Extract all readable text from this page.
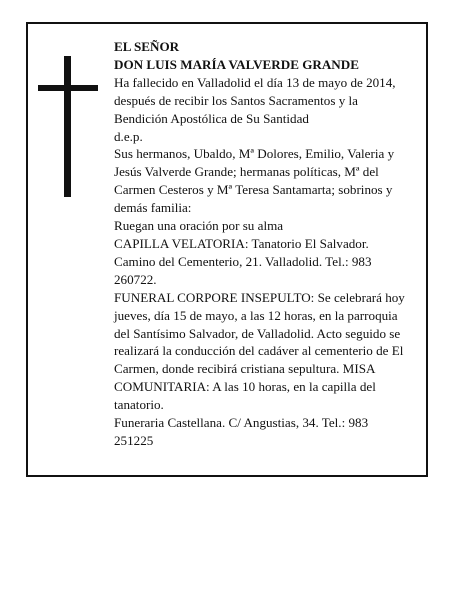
EL SEÑOR
DON LUIS MARÍA VALVERDE GRANDE
Ha fallecido en Valladolid el día 13 de mayo de 2014,
después de recibir los Santos Sacramentos y la
Bendición Apostólica de Su Santidad
d.e.p.
Sus hermanos, Ubaldo, Mª Dolores, Emilio, Valeria y
Jesús Valverde Grande; hermanas políticas, Mª del
Carmen Cesteros y Mª Teresa Santamarta; sobrinos y
demás familia:
Ruegan una oración por su alma
CAPILLA VELATORIA: Tanatorio El Salvador.
Camino del Cementerio, 21. Valladolid. Tel.: 983
260722.
FUNERAL CORPORE INSEPULTO: Se celebrará hoy
jueves, día 15 de mayo, a las 12 horas, en la parroquia
del Santísimo Salvador, de Valladolid. Acto seguido se
realizará la conducción del cadáver al cementerio de El
Carmen, donde recibirá cristiana sepultura. MISA
COMUNITARIA: A las 10 horas, en la capilla del
tanatorio.
Funeraria Castellana. C/ Angustias, 34. Tel.: 983
251225
